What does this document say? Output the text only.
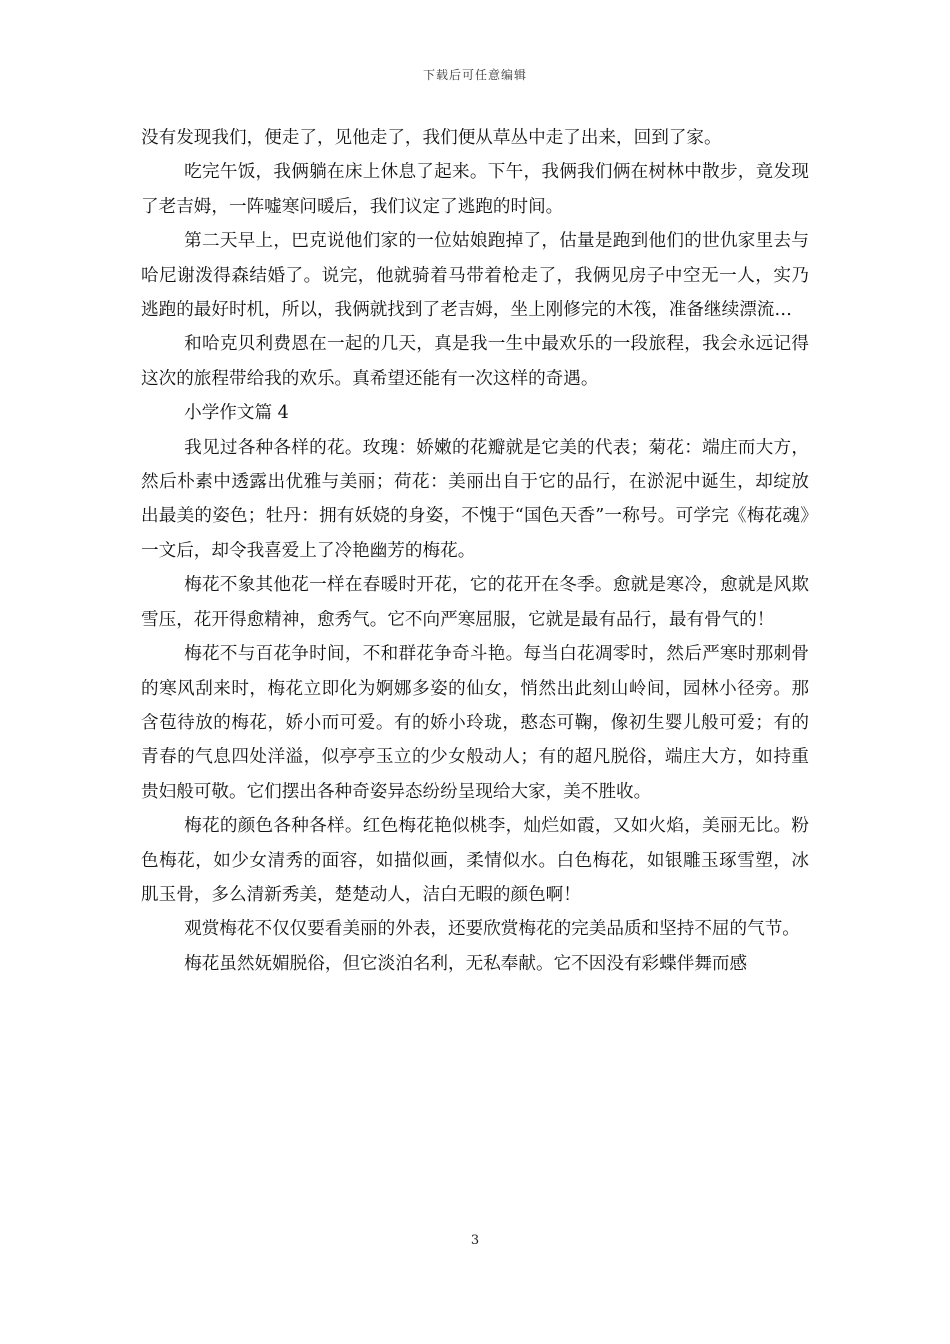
下载后可任意编辑

没有发现我们，便走了，见他走了，我们便从草丛中走了出来，回到了家。

吃完午饭，我俩躺在床上休息了起来。下午，我俩我们俩在树林中散步，竟发现了老吉姆，一阵嘘寒问暖后，我们议定了逃跑的时间。

第二天早上，巴克说他们家的一位姑娘跑掉了，估量是跑到他们的世仇家里去与哈尼谢泼得森结婚了。说完，他就骑着马带着枪走了，我俩见房子中空无一人，实乃逃跑的最好时机，所以，我俩就找到了老吉姆，坐上刚修完的木筏，准备继续漂流…

和哈克贝利费恩在一起的几天，真是我一生中最欢乐的一段旅程，我会永远记得这次的旅程带给我的欢乐。真希望还能有一次这样的奇遇。

小学作文篇 4

我见过各种各样的花。玫瑰：娇嫩的花瓣就是它美的代表；菊花：端庄而大方，然后朴素中透露出优雅与美丽；荷花：美丽出自于它的品行，在淤泥中诞生，却绽放出最美的姿色；牡丹：拥有妖娆的身姿，不愧于“国色天香”一称号。可学完《梅花魂》一文后，却令我喜爱上了冷艳幽芳的梅花。

梅花不象其他花一样在春暖时开花，它的花开在冬季。愈就是寒冷，愈就是风欺雪压，花开得愈精神，愈秀气。它不向严寒屈服，它就是最有品行，最有骨气的！

梅花不与百花争时间，不和群花争奇斗艳。每当白花凋零时，然后严寒时那刺骨的寒风刮来时，梅花立即化为婀娜多姿的仙女，悄然出此刻山岭间，园林小径旁。那含苞待放的梅花，娇小而可爱。有的娇小玲珑，憨态可鞠，像初生婴儿般可爱；有的青春的气息四处洋溢，似亭亭玉立的少女般动人；有的超凡脱俗，端庄大方，如持重贵妇般可敬。它们摆出各种奇姿异态纷纷呈现给大家，美不胜收。

梅花的颜色各种各样。红色梅花艳似桃李，灿烂如霞，又如火焰，美丽无比。粉色梅花，如少女清秀的面容，如描似画，柔情似水。白色梅花，如银雕玉琢雪塑，冰肌玉骨，多么清新秀美，楚楚动人，洁白无暇的颜色啊！

观赏梅花不仅仅要看美丽的外表，还要欣赏梅花的完美品质和坚持不屈的气节。

梅花虽然妩媚脱俗，但它淡泊名利，无私奉献。它不因没有彩蝶伴舞而感

3
